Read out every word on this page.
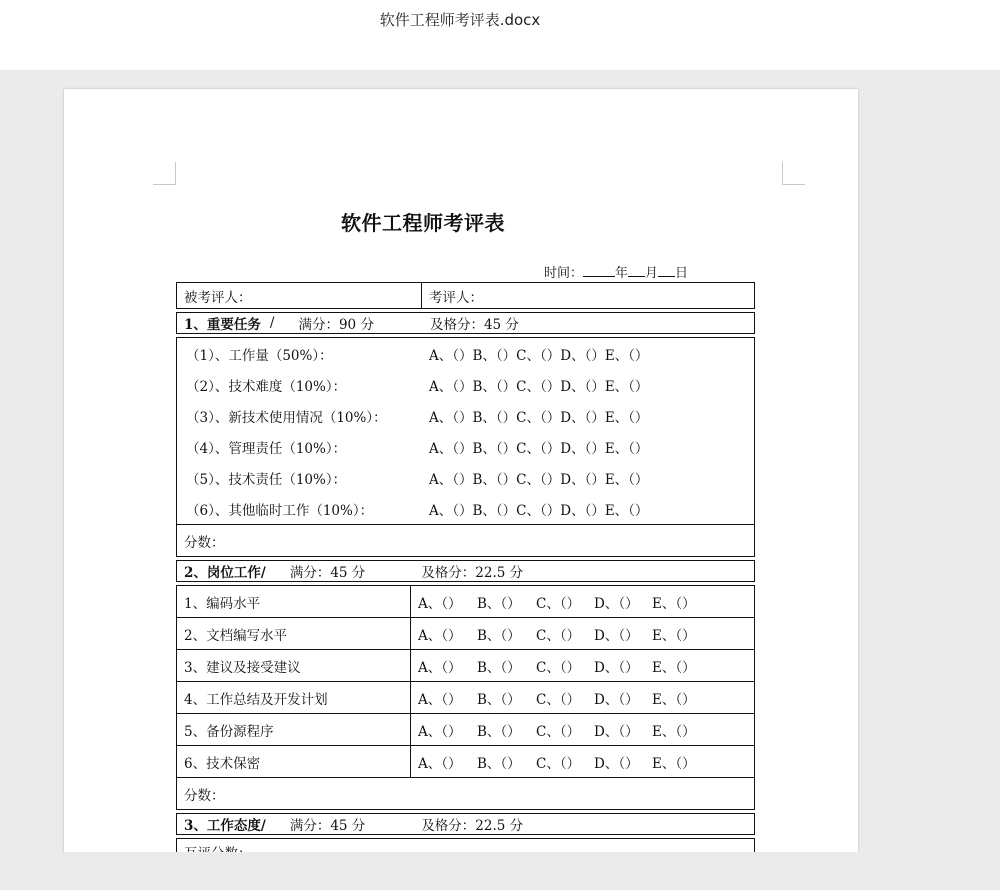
软件工程师考评表.docx
软件工程师考评表
时间： 年 月 日
被考评人：	考评人：
1、重要任务 / 满分：90 分	及格分：45 分
（1）、工作量（50%）：	A、（）B、（）C、（）D、（）E、（）
（2）、技术难度（10%）：	A、（）B、（）C、（）D、（）E、（）
（3）、新技术使用情况（10%）：	A、（）B、（）C、（）D、（）E、（）
（4）、管理责任（10%）：	A、（）B、（）C、（）D、（）E、（）
（5）、技术责任（10%）：	A、（）B、（）C、（）D、（）E、（）
（6）、其他临时工作（10%）：	A、（）B、（）C、（）D、（）E、（）
分数：
2、岗位工作/ 满分：45 分	及格分：22.5 分
1、编码水平	A、（）	B、（）	C、（）	D、（） E、（）
2、文档编写水平	A、（）	B、（）	C、（）	D、（） E、（）
3、建议及接受建议	A、（）	B、（）	C、（）	D、（） E、（）
4、工作总结及开发计划	A、（）	B、（）	C、（）	D、（） E、（）
5、备份源程序	A、（）	B、（）	C、（）	D、（） E、（）
6、技术保密	A、（）	B、（）	C、（）	D、（） E、（）
分数：
3、工作态度/ 满分：45 分	及格分：22.5 分
